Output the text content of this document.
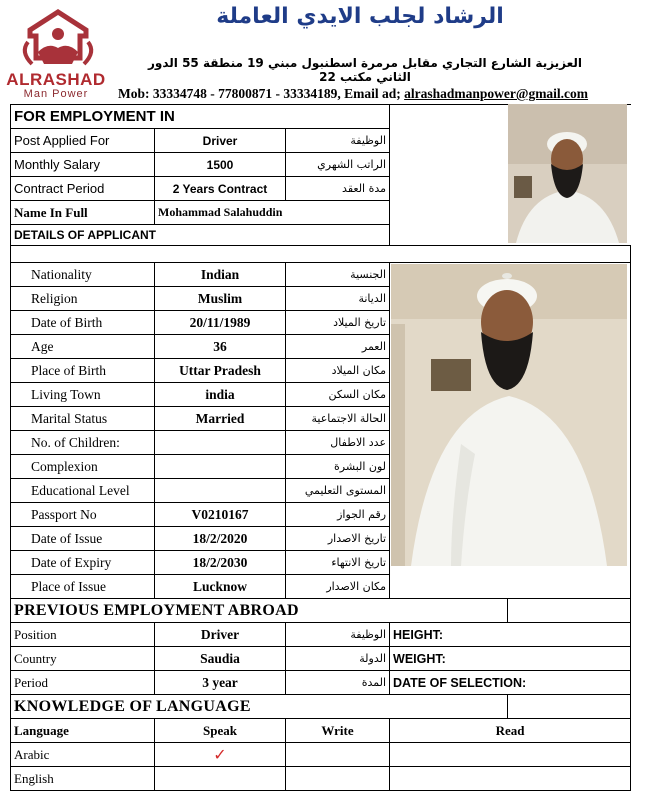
ALRASHAD
Man Power
الرشاد لجلب الايدي العاملة
العزيزية الشارع التجاري مقابل مرمرة اسطنبول مبني 19 منطقة 55 الدور الثاني مكتب 22
Mob: 33334748 - 77800871 - 33334189, Email ad; alrashadmanpower@gmail.com
FOR EMPLOYMENT IN				
Post Applied For	Driver	الوظيفة		
Monthly Salary	1500	الراتب الشهري		
Contract Period	2 Years Contract	مدة العقد		
Name In Full	Mohammad Salahuddin			
DETAILS OF APPLICANT				

Nationality	Indian	الجنسية		
Religion	Muslim	الديانة		
Date of Birth	20/11/1989	تاريخ الميلاد		
Age	36	العمر		
Place of Birth	Uttar Pradesh	مكان الميلاد		
Living Town	india	مكان السكن		
Marital Status	Married	الحالة الاجتماعية		
No. of Children:		عدد الاطفال		
Complexion		لون البشرة		
Educational Level		المستوى التعليمي		
Passport No	V0210167	رقم الجواز		
Date of Issue	18/2/2020	تاريخ الاصدار		
Date of Expiry	18/2/2030	تاريخ الانتهاء		
Place of Issue	Lucknow	مكان الاصدار		
PREVIOUS EMPLOYMENT ABROAD				
Position	Driver	الوظيفة	HEIGHT:	
Country	Saudia	الدولة	WEIGHT:	
Period	3 year	المدة	DATE OF SELECTION:	
KNOWLEDGE OF LANGUAGE				
Language	Speak	Write	Read	
Arabic	✓			
English				
